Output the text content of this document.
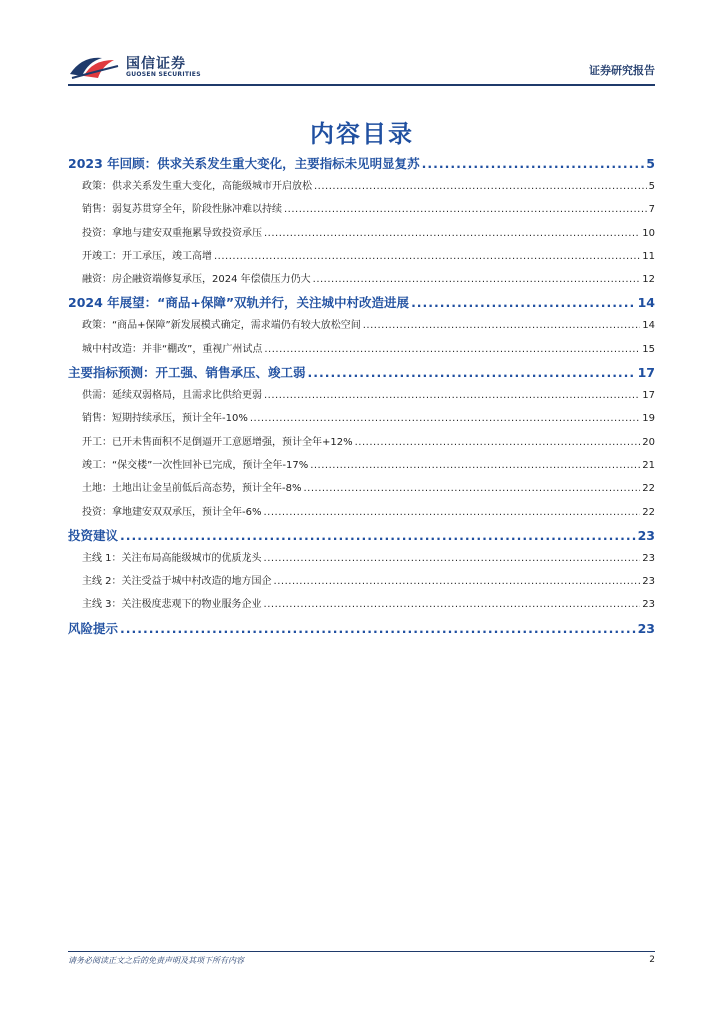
国信证券
GUOSEN SECURITIES	证券研究报告
内容目录
2023 年回顾：供求关系发生重大变化，主要指标未见明显复苏 .....	5
政策：供求关系发生重大变化，高能级城市开启放松 .....	5
销售：弱复苏贯穿全年，阶段性脉冲难以持续 .....	7
投资：拿地与建安双重拖累导致投资承压 .....	10
开竣工：开工承压，竣工高增 .....	11
融资：房企融资端修复承压，2024 年偿债压力仍大 .....	12
2024 年展望：“商品+保障”双轨并行，关注城中村改造进展 .....	14
政策：“商品+保障”新发展模式确定，需求端仍有较大放松空间 .....	14
城中村改造：并非“棚改”，重视广州试点 .....	15
主要指标预测：开工强、销售承压、竣工弱 .....	17
供需：延续双弱格局，且需求比供给更弱 .....	17
销售：短期持续承压，预计全年-10% .....	19
开工：已开未售面积不足倒逼开工意愿增强，预计全年+12% .....	20
竣工：“保交楼”一次性回补已完成，预计全年-17% .....	21
土地：土地出让金呈前低后高态势，预计全年-8% .....	22
投资：拿地建安双双承压，预计全年-6% .....	22
投资建议 .....	23
主线 1：关注布局高能级城市的优质龙头 .....	23
主线 2：关注受益于城中村改造的地方国企 .....	23
主线 3：关注极度悲观下的物业服务企业 .....	23
风险提示 .....	23
请务必阅读正文之后的免责声明及其项下所有内容	2
